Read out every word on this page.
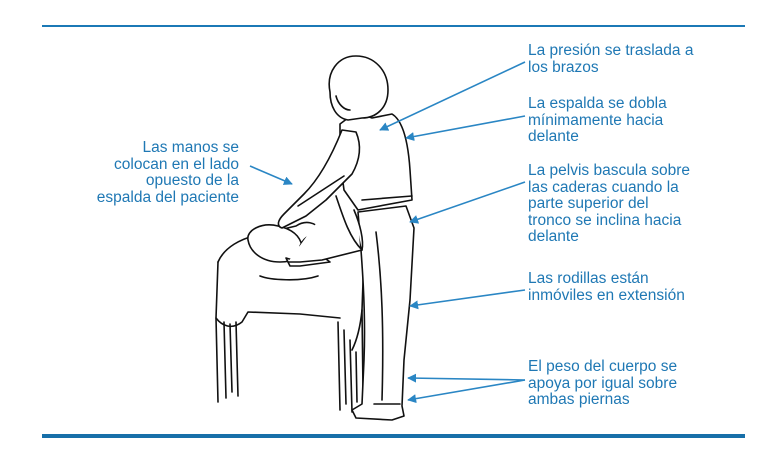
Las manos se
colocan en el lado
opuesto de la
espalda del paciente

La presión se traslada a
los brazos

La espalda se dobla
mínimamente hacia
delante

La pelvis bascula sobre
las caderas cuando la
parte superior del
tronco se inclina hacia
delante

Las rodillas están
inmóviles en extensión

El peso del cuerpo se
apoya por igual sobre
ambas piernas
